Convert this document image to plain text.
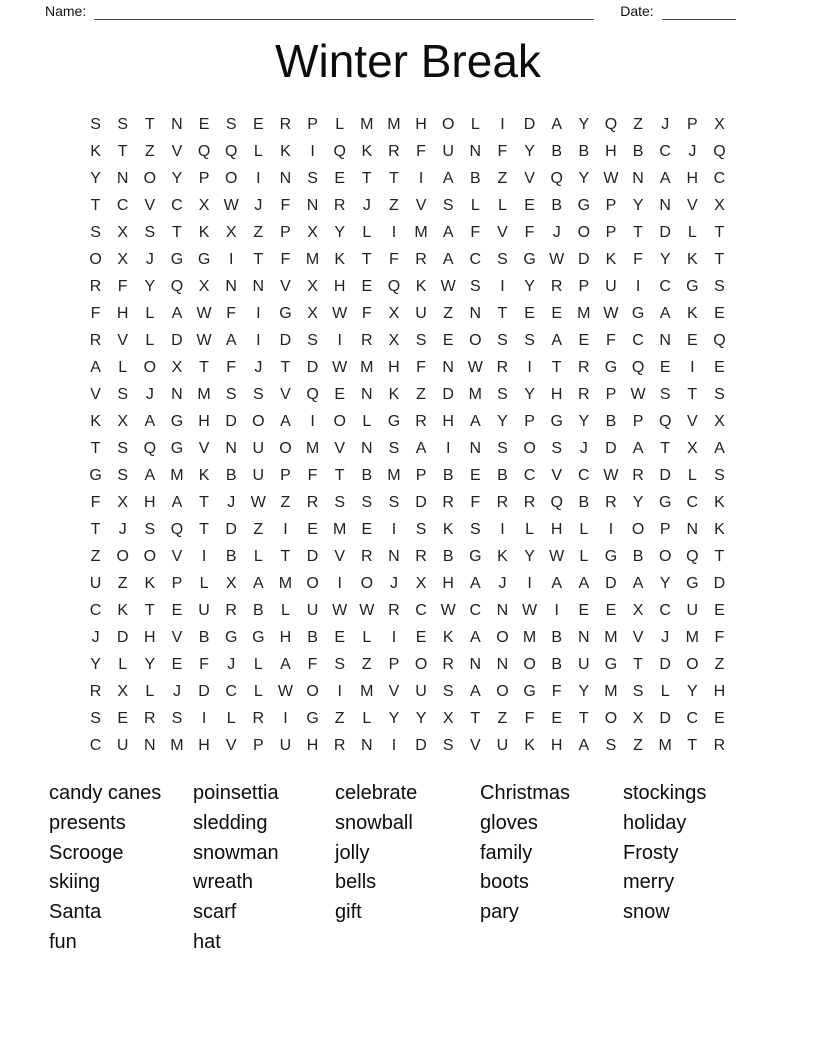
Name:	Date:
Winter Break
S	S	T	N	E	S	E	R	P	L	M M H O	L	I	D	A	Y Q	Z	J	P	X
K	T	Z	V Q Q	L	K	I	Q K	R	F	U N	F	Y	B	B	H	B	C	J	Q
Y	N O Y	P O	I	N	S	E	T	T	I	A	B	Z	V Q Y W N	A	H C
T	C	V	C	X W J	F	N R	J	Z	V	S	L	L	E	B G P	Y	N	V	X
S	X	S	T	K	X	Z	P	X	Y	L	I	M A	F	V	F	J	O P	T	D	L	T
O X	J	G G	I	T	F M K	T	F	R	A	C	S G W D	K	F	Y	K	T
R	F	Y Q X	N N	V	X	H	E Q K W S	I	Y	R	P	U	I	C G S
F	H	L	A W F	I	G X W F	X	U	Z	N	T	E	E M W G A	K	E
R	V	L	D W A	I	D	S	I	R	X	S	E O S	S	A	E	F	C N	E Q
A	L	O X	T	F	J	T	D W M H	F	N W R	I	T	R G Q E	I	E
V	S	J	N M S	S	V Q E	N	K	Z	D M S	Y	H R	P W S	T	S
K	X	A G H D O A	I	O	L	G R H	A	Y	P G Y	B	P Q V	X
T	S Q G V	N U O M V	N	S	A	I	N	S O S	J	D	A	T	X	A
G S	A M K	B	U	P	F	T	B M P	B	E	B	C	V	C W R D	L	S
F	X	H	A	T	J W Z	R	S	S	S	D R	F	R R Q B	R	Y G C	K
T	J	S Q	T	D	Z	I	E M E	I	S	K	S	I	L	H	L	I	O P	N	K
Z	O O V	I	B	L	T	D	V	R N R	B G K	Y W L	G B O Q	T
U	Z	K	P	L	X	A M O	I	O	J	X	H	A	J	I	A	A	D	A	Y G D
C	K	T	E	U R	B	L	U W W R C W C N W	I	E	E	X	C U	E
J	D H	V	B G G H	B	E	L	I	E	K	A O M B	N M V	J	M F
Y	L	Y	E	F	J	L	A	F	S	Z	P O R N N O B	U G	T	D O	Z
R	X	L	J	D C	L W O	I	M V	U	S	A O G	F	Y M S	L	Y	H
S	E	R	S	I	L	R	I	G	Z	L	Y	Y	X	T	Z	F	E	T	O X	D C	E
C U N M H	V	P	U H R N	I	D	S	V	U	K	H	A	S	Z M T	R
candy canes
presents
Scrooge
skiing
Santa
fun
poinsettia
sledding
snowman
wreath
scarf
hat
celebrate
snowball
jolly
bells
gift
Christmas
gloves
family
boots
pary
stockings
holiday
Frosty
merry
snow
